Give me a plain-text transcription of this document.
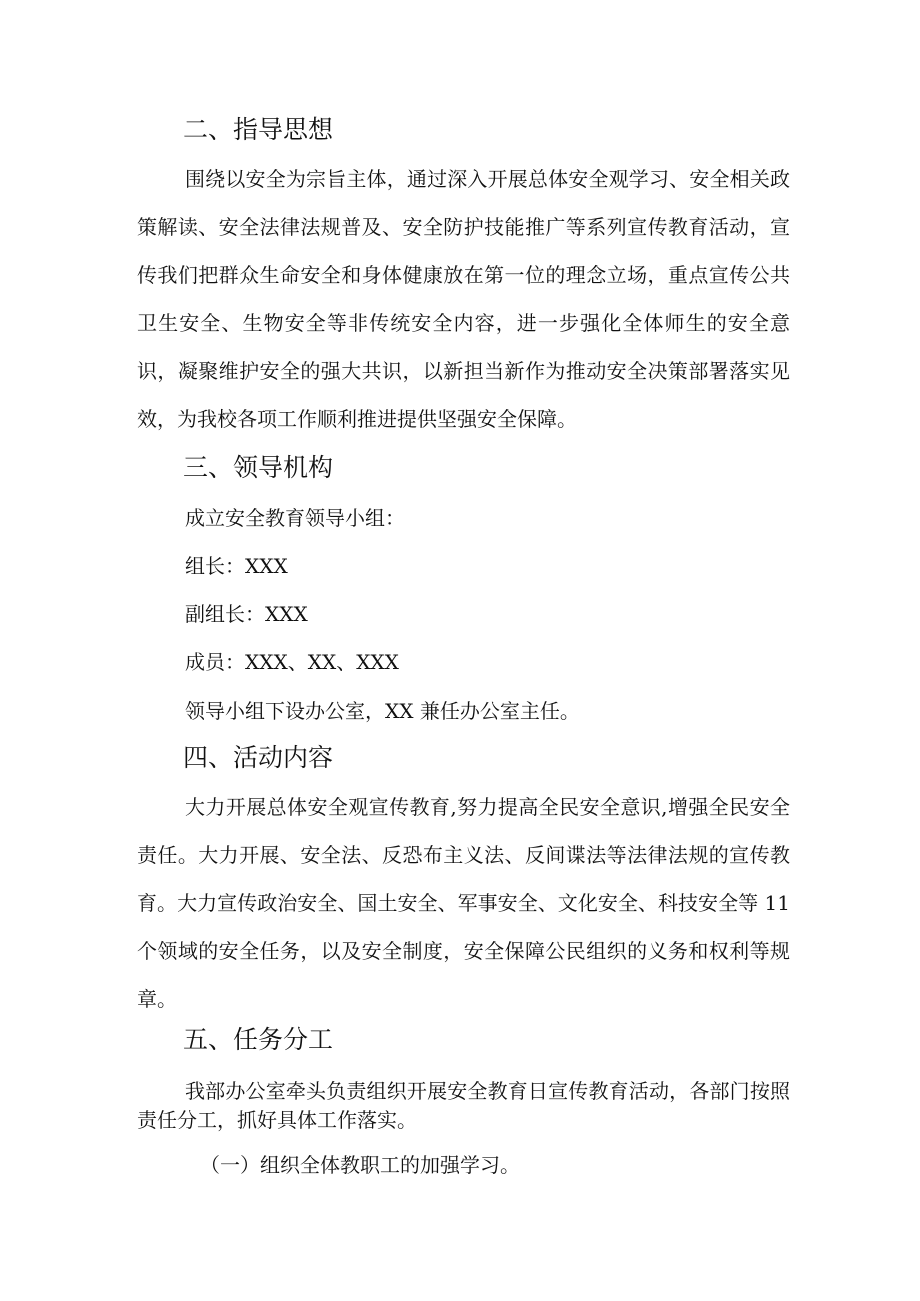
二、指导思想

围绕以安全为宗旨主体，通过深入开展总体安全观学习、安全相关政策解读、安全法律法规普及、安全防护技能推广等系列宣传教育活动，宣传我们把群众生命安全和身体健康放在第一位的理念立场，重点宣传公共卫生安全、生物安全等非传统安全内容，进一步强化全体师生的安全意识，凝聚维护安全的强大共识，以新担当新作为推动安全决策部署落实见效，为我校各项工作顺利推进提供坚强安全保障。

三、领导机构

成立安全教育领导小组：

组长：XXX

副组长：XXX

成员：XXX、XX、XXX

领导小组下设办公室，XX 兼任办公室主任。

四、活动内容

大力开展总体安全观宣传教育,努力提高全民安全意识,增强全民安全责任。大力开展、安全法、反恐布主义法、反间谍法等法律法规的宣传教育。大力宣传政治安全、国土安全、军事安全、文化安全、科技安全等 11 个领域的安全任务，以及安全制度，安全保障公民组织的义务和权利等规章。

五、任务分工

我部办公室牵头负责组织开展安全教育日宣传教育活动，各部门按照责任分工，抓好具体工作落实。

（一）组织全体教职工的加强学习。
